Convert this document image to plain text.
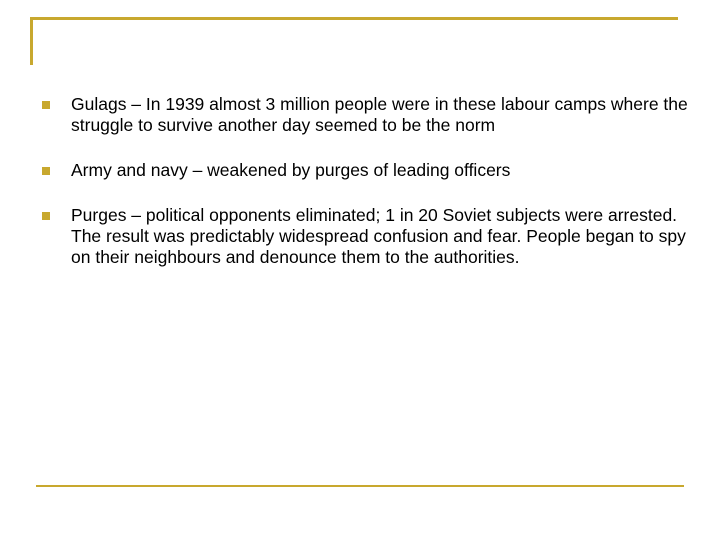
Gulags – In 1939 almost 3 million people were in these labour camps where the struggle to survive another day seemed to be the norm
Army and navy – weakened by purges of leading officers
Purges – political opponents eliminated; 1 in 20 Soviet subjects were arrested. The result was predictably widespread confusion and fear. People began to spy on their neighbours and denounce them to the authorities.
